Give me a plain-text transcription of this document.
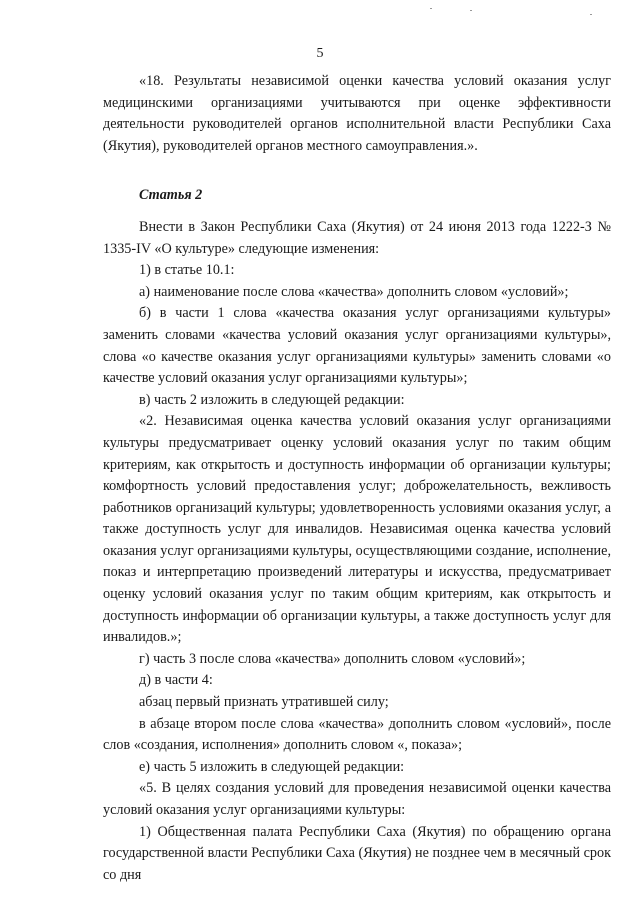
5

«18. Результаты независимой оценки качества условий оказания услуг медицинскими организациями учитываются при оценке эффективности деятельности руководителей органов исполнительной власти Республики Саха (Якутия), руководителей органов местного самоуправления.».

Статья 2

Внести в Закон Республики Саха (Якутия) от 24 июня 2013 года 1222-З № 1335-IV «О культуре» следующие изменения:

1) в статье 10.1:

а) наименование после слова «качества» дополнить словом «условий»;

б) в части 1 слова «качества оказания услуг организациями культуры» заменить словами «качества условий оказания услуг организациями культуры», слова «о качестве оказания услуг организациями культуры» заменить словами «о качестве условий оказания услуг организациями культуры»;

в) часть 2 изложить в следующей редакции:

«2. Независимая оценка качества условий оказания услуг организациями культуры предусматривает оценку условий оказания услуг по таким общим критериям, как открытость и доступность информации об организации культуры; комфортность условий предоставления услуг; доброжелательность, вежливость работников организаций культуры; удовлетворенность условиями оказания услуг, а также доступность услуг для инвалидов. Независимая оценка качества условий оказания услуг организациями культуры, осуществляющими создание, исполнение, показ и интерпретацию произведений литературы и искусства, предусматривает оценку условий оказания услуг по таким общим критериям, как открытость и доступность информации об организации культуры, а также доступность услуг для инвалидов.»;

г) часть 3 после слова «качества» дополнить словом «условий»;

д) в части 4:

абзац первый признать утратившей силу;

в абзаце втором после слова «качества» дополнить словом «условий», после слов «создания, исполнения» дополнить словом «, показа»;

е) часть 5 изложить в следующей редакции:

«5. В целях создания условий для проведения независимой оценки качества условий оказания услуг организациями культуры:

1) Общественная палата Республики Саха (Якутия) по обращению органа государственной власти Республики Саха (Якутия) не позднее чем в месячный срок со дня
